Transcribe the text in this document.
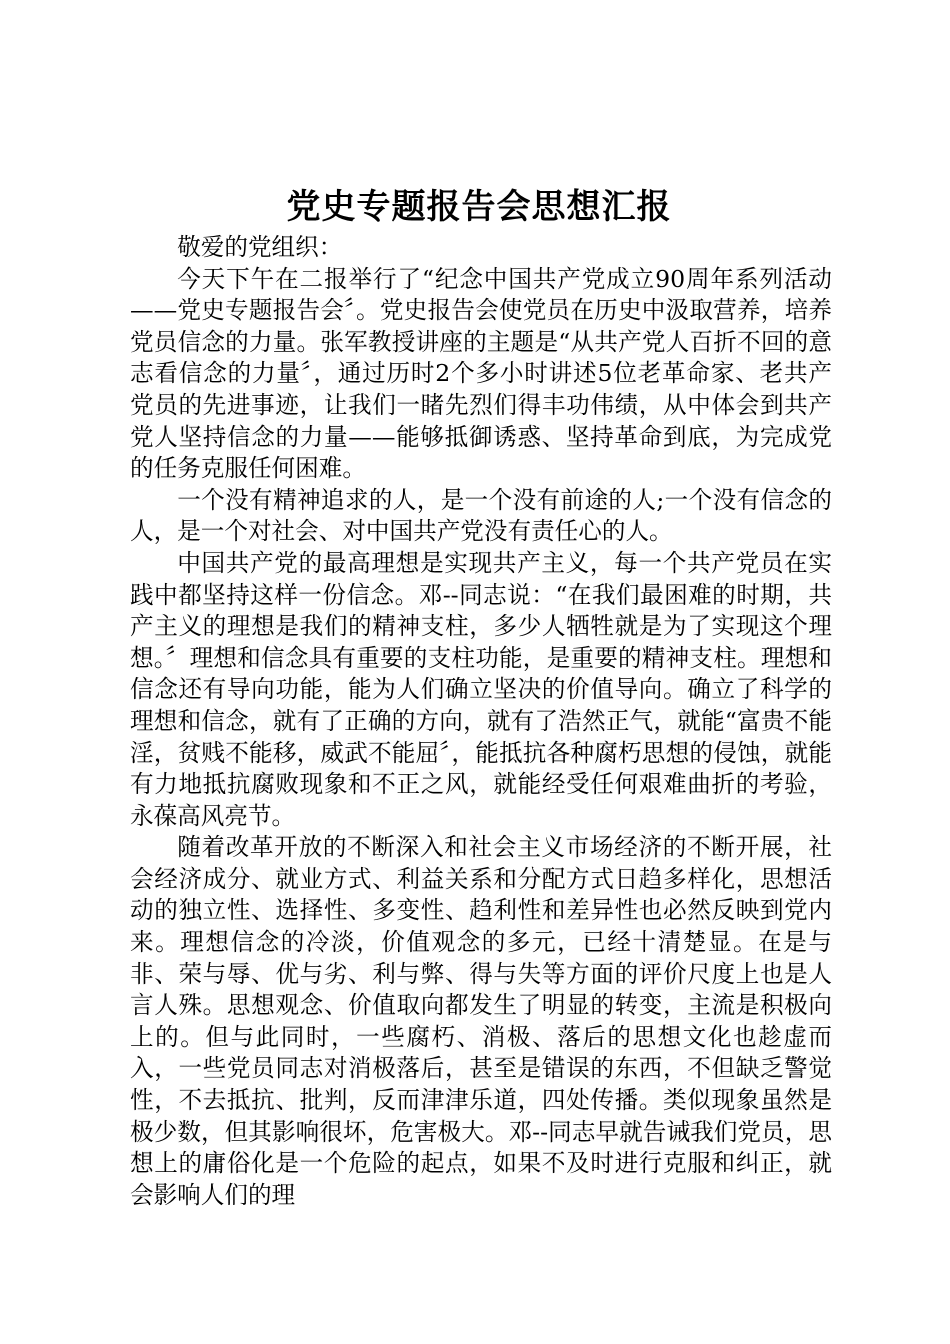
党史专题报告会思想汇报

敬爱的党组织：

今天下午在二报举行了“纪念中国共产党成立90周年系列活动——党史专题报告会〞。党史报告会使党员在历史中汲取营养，培养党员信念的力量。张军教授讲座的主题是“从共产党人百折不回的意志看信念的力量〞，通过历时2个多小时讲述5位老革命家、老共产党员的先进事迹，让我们一睹先烈们得丰功伟绩，从中体会到共产党人坚持信念的力量——能够抵御诱惑、坚持革命到底，为完成党的任务克服任何困难。

一个没有精神追求的人，是一个没有前途的人;一个没有信念的人，是一个对社会、对中国共产党没有责任心的人。

中国共产党的最高理想是实现共产主义，每一个共产党员在实践中都坚持这样一份信念。邓--同志说：“在我们最困难的时期，共产主义的理想是我们的精神支柱，多少人牺牲就是为了实现这个理想。〞理想和信念具有重要的支柱功能，是重要的精神支柱。理想和信念还有导向功能，能为人们确立坚决的价值导向。确立了科学的理想和信念，就有了正确的方向，就有了浩然正气，就能“富贵不能淫，贫贱不能移，威武不能屈〞，能抵抗各种腐朽思想的侵蚀，就能有力地抵抗腐败现象和不正之风，就能经受任何艰难曲折的考验，永葆高风亮节。

随着改革开放的不断深入和社会主义市场经济的不断开展，社会经济成分、就业方式、利益关系和分配方式日趋多样化，思想活动的独立性、选择性、多变性、趋利性和差异性也必然反映到党内来。理想信念的冷淡，价值观念的多元，已经十清楚显。在是与非、荣与辱、优与劣、利与弊、得与失等方面的评价尺度上也是人言人殊。思想观念、价值取向都发生了明显的转变，主流是积极向上的。但与此同时，一些腐朽、消极、落后的思想文化也趁虚而入，一些党员同志对消极落后，甚至是错误的东西，不但缺乏警觉性，不去抵抗、批判，反而津津乐道，四处传播。类似现象虽然是极少数，但其影响很坏，危害极大。邓--同志早就告诫我们党员，思想上的庸俗化是一个危险的起点，如果不及时进行克服和纠正，就会影响人们的理
